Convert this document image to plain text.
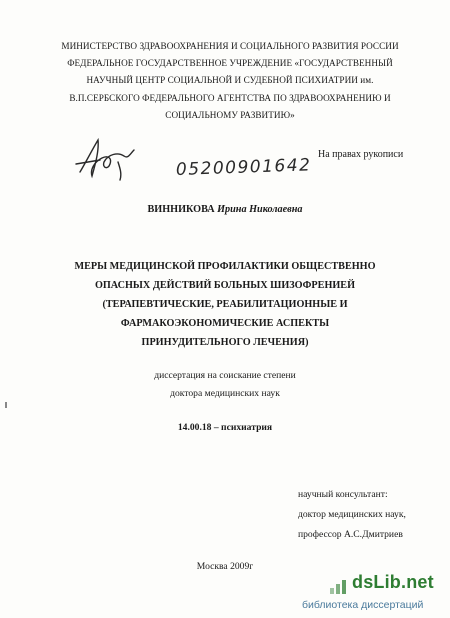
МИНИСТЕРСТВО ЗДРАВООХРАНЕНИЯ И СОЦИАЛЬНОГО РАЗВИТИЯ РОССИИ
ФЕДЕРАЛЬНОЕ ГОСУДАРСТВЕННОЕ УЧРЕЖДЕНИЕ «ГОСУДАРСТВЕННЫЙ
НАУЧНЫЙ ЦЕНТР СОЦИАЛЬНОЙ И СУДЕБНОЙ ПСИХИАТРИИ им.
В.П.СЕРБСКОГО ФЕДЕРАЛЬНОГО АГЕНТСТВА ПО ЗДРАВООХРАНЕНИЮ И
СОЦИАЛЬНОМУ РАЗВИТИЮ»
05200901642
На правах рукописи
ВИННИКОВА Ирина Николаевна
МЕРЫ МЕДИЦИНСКОЙ ПРОФИЛАКТИКИ ОБЩЕСТВЕННО
ОПАСНЫХ ДЕЙСТВИЙ БОЛЬНЫХ ШИЗОФРЕНИЕЙ
(ТЕРАПЕВТИЧЕСКИЕ, РЕАБИЛИТАЦИОННЫЕ И
ФАРМАКОЭКОНОМИЧЕСКИЕ АСПЕКТЫ
ПРИНУДИТЕЛЬНОГО ЛЕЧЕНИЯ)
диссертация на соискание степени
доктора медицинских наук
14.00.18 – психиатрия
научный консультант:
доктор медицинских наук,
профессор А.С.Дмитриев
Москва 2009г
dsLib.net
библиотека диссертаций
